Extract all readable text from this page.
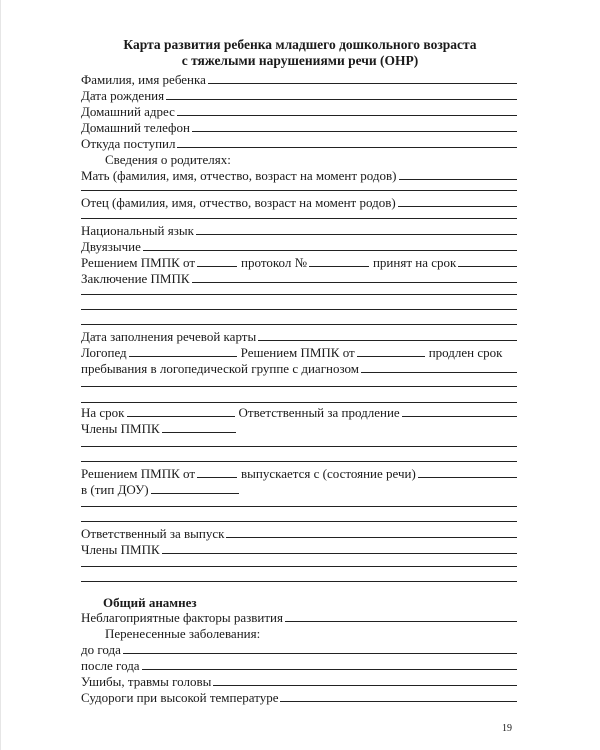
Карта развития ребенка младшего дошкольного возраста
с тяжелыми нарушениями речи (ОНР)
Фамилия, имя ребенка
Дата рождения
Домашний адрес
Домашний телефон
Откуда поступил
Сведения о родителях:
Мать (фамилия, имя, отчество, возраст на момент родов)
Отец (фамилия, имя, отчество, возраст на момент родов)
Национальный язык
Двуязычие
Решением ПМПК от	протокол №	принят на срок
Заключение ПМПК
Дата заполнения речевой карты
Логопед	Решением ПМПК от	продлен срок
пребывания в логопедической группе с диагнозом
На срок	Ответственный за продление
Члены ПМПК
Решением ПМПК от	выпускается с (состояние речи)
в (тип ДОУ)
Ответственный за выпуск
Члены ПМПК
Общий анамнез
Неблагоприятные факторы развития
Перенесенные заболевания:
до года
после года
Ушибы, травмы головы
Судороги при высокой температуре
19
